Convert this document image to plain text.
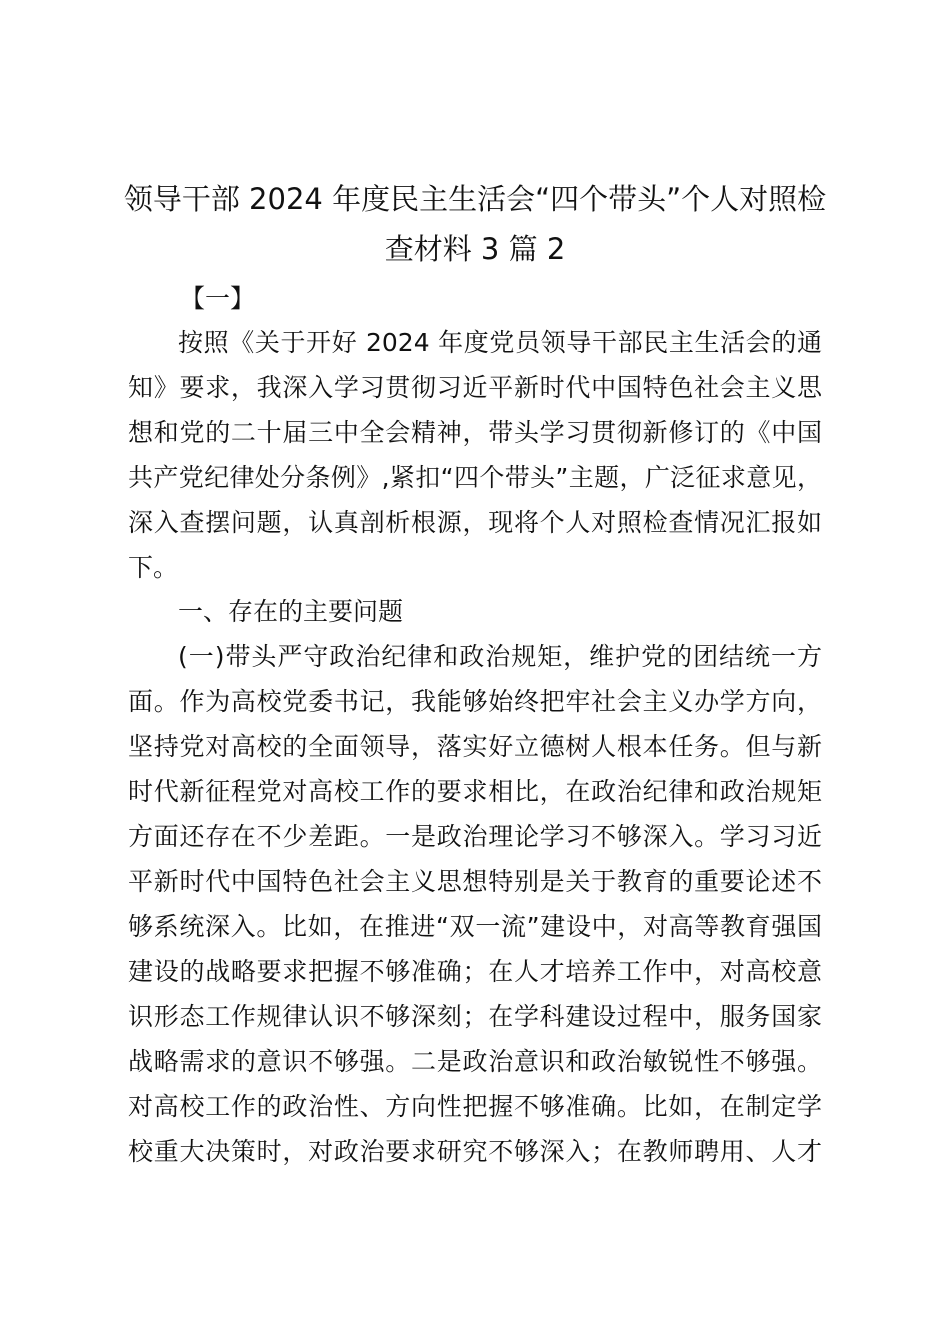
领导干部 2024 年度民主生活会“四个带头”个人对照检
查材料 3 篇 2
【一】
按照《关于开好 2024 年度党员领导干部民主生活会的通
知》要求，我深入学习贯彻习近平新时代中国特色社会主义思
想和党的二十届三中全会精神，带头学习贯彻新修订的《中国
共产党纪律处分条例》,紧扣“四个带头”主题，广泛征求意见，
深入查摆问题，认真剖析根源，现将个人对照检查情况汇报如
下。
一、存在的主要问题
(一)带头严守政治纪律和政治规矩，维护党的团结统一方
面。作为高校党委书记，我能够始终把牢社会主义办学方向，
坚持党对高校的全面领导，落实好立德树人根本任务。但与新
时代新征程党对高校工作的要求相比，在政治纪律和政治规矩
方面还存在不少差距。一是政治理论学习不够深入。学习习近
平新时代中国特色社会主义思想特别是关于教育的重要论述不
够系统深入。比如，在推进“双一流”建设中，对高等教育强国
建设的战略要求把握不够准确；在人才培养工作中，对高校意
识形态工作规律认识不够深刻；在学科建设过程中，服务国家
战略需求的意识不够强。二是政治意识和政治敏锐性不够强。
对高校工作的政治性、方向性把握不够准确。比如，在制定学
校重大决策时，对政治要求研究不够深入；在教师聘用、人才
